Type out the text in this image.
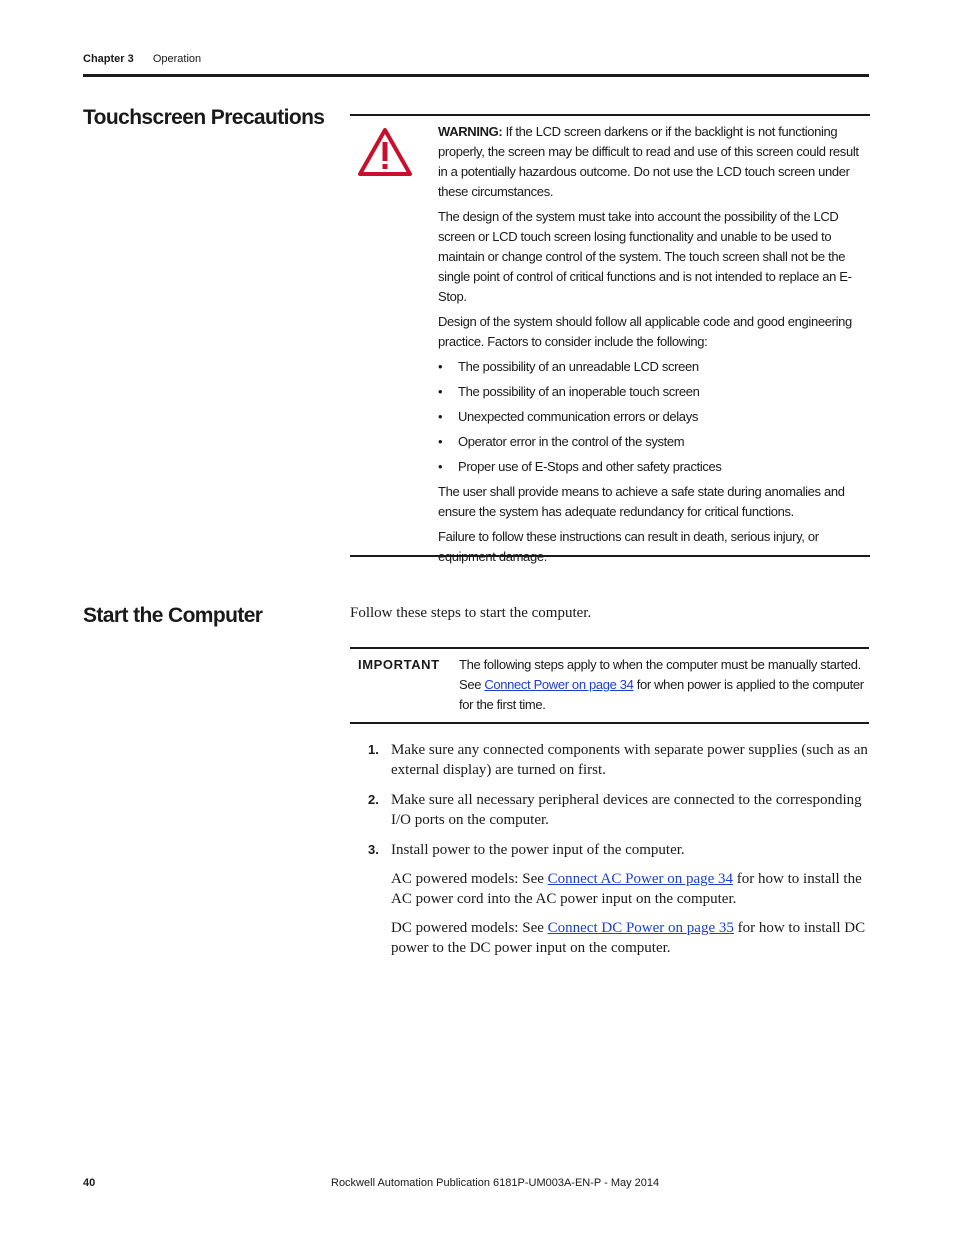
Chapter 3 Operation
Touchscreen Precautions

WARNING: If the LCD screen darkens or if the backlight is not functioning properly, the screen may be difficult to read and use of this screen could result in a potentially hazardous outcome. Do not use the LCD touch screen under these circumstances.

The design of the system must take into account the possibility of the LCD screen or LCD touch screen losing functionality and unable to be used to maintain or change control of the system. The touch screen shall not be the single point of control of critical functions and is not intended to replace an E-Stop.

Design of the system should follow all applicable code and good engineering practice. Factors to consider include the following:

• The possibility of an unreadable LCD screen
• The possibility of an inoperable touch screen
• Unexpected communication errors or delays
• Operator error in the control of the system
• Proper use of E-Stops and other safety practices

The user shall provide means to achieve a safe state during anomalies and ensure the system has adequate redundancy for critical functions.

Failure to follow these instructions can result in death, serious injury, or equipment damage.

Start the Computer	Follow these steps to start the computer.
IMPORTANT The following steps apply to when the computer must be manually started. See Connect Power on page 34 for when power is applied to the computer for the first time.
1. Make sure any connected components with separate power supplies (such as an external display) are turned on first.
2. Make sure all necessary peripheral devices are connected to the corresponding I/O ports on the computer.
3. Install power to the power input of the computer.

AC powered models: See Connect AC Power on page 34 for how to install the AC power cord into the AC power input on the computer.

DC powered models: See Connect DC Power on page 35 for how to install DC power to the DC power input on the computer.

40	Rockwell Automation Publication 6181P-UM003A-EN-P - May 2014
